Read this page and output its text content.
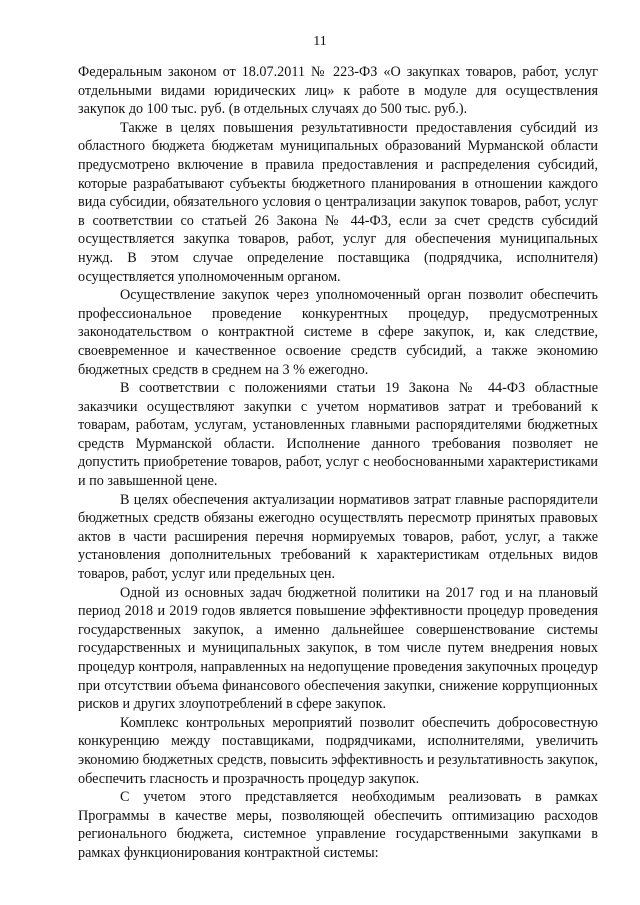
11

Федеральным законом от 18.07.2011 № 223-ФЗ «О закупках товаров, работ, услуг отдельными видами юридических лиц» к работе в модуле для осуществления закупок до 100 тыс. руб. (в отдельных случаях до 500 тыс. руб.).

Также в целях повышения результативности предоставления субсидий из областного бюджета бюджетам муниципальных образований Мурманской области предусмотрено включение в правила предоставления и распределения субсидий, которые разрабатывают субъекты бюджетного планирования в отношении каждого вида субсидии, обязательного условия о централизации закупок товаров, работ, услуг в соответствии со статьей 26 Закона № 44-ФЗ, если за счет средств субсидий осуществляется закупка товаров, работ, услуг для обеспечения муниципальных нужд. В этом случае определение поставщика (подрядчика, исполнителя) осуществляется уполномоченным органом.

Осуществление закупок через уполномоченный орган позволит обеспечить профессиональное проведение конкурентных процедур, предусмотренных законодательством о контрактной системе в сфере закупок, и, как следствие, своевременное и качественное освоение средств субсидий, а также экономию бюджетных средств в среднем на 3 % ежегодно.

В соответствии с положениями статьи 19 Закона № 44-ФЗ областные заказчики осуществляют закупки с учетом нормативов затрат и требований к товарам, работам, услугам, установленных главными распорядителями бюджетных средств Мурманской области. Исполнение данного требования позволяет не допустить приобретение товаров, работ, услуг с необоснованными характеристиками и по завышенной цене.

В целях обеспечения актуализации нормативов затрат главные распорядители бюджетных средств обязаны ежегодно осуществлять пересмотр принятых правовых актов в части расширения перечня нормируемых товаров, работ, услуг, а также установления дополнительных требований к характеристикам отдельных видов товаров, работ, услуг или предельных цен.

Одной из основных задач бюджетной политики на 2017 год и на плановый период 2018 и 2019 годов является повышение эффективности процедур проведения государственных закупок, а именно дальнейшее совершенствование системы государственных и муниципальных закупок, в том числе путем внедрения новых процедур контроля, направленных на недопущение проведения закупочных процедур при отсутствии объема финансового обеспечения закупки, снижение коррупционных рисков и других злоупотреблений в сфере закупок.

Комплекс контрольных мероприятий позволит обеспечить добросовестную конкуренцию между поставщиками, подрядчиками, исполнителями, увеличить экономию бюджетных средств, повысить эффективность и результативность закупок, обеспечить гласность и прозрачность процедур закупок.

С учетом этого представляется необходимым реализовать в рамках Программы в качестве меры, позволяющей обеспечить оптимизацию расходов регионального бюджета, системное управление государственными закупками в рамках функционирования контрактной системы:
